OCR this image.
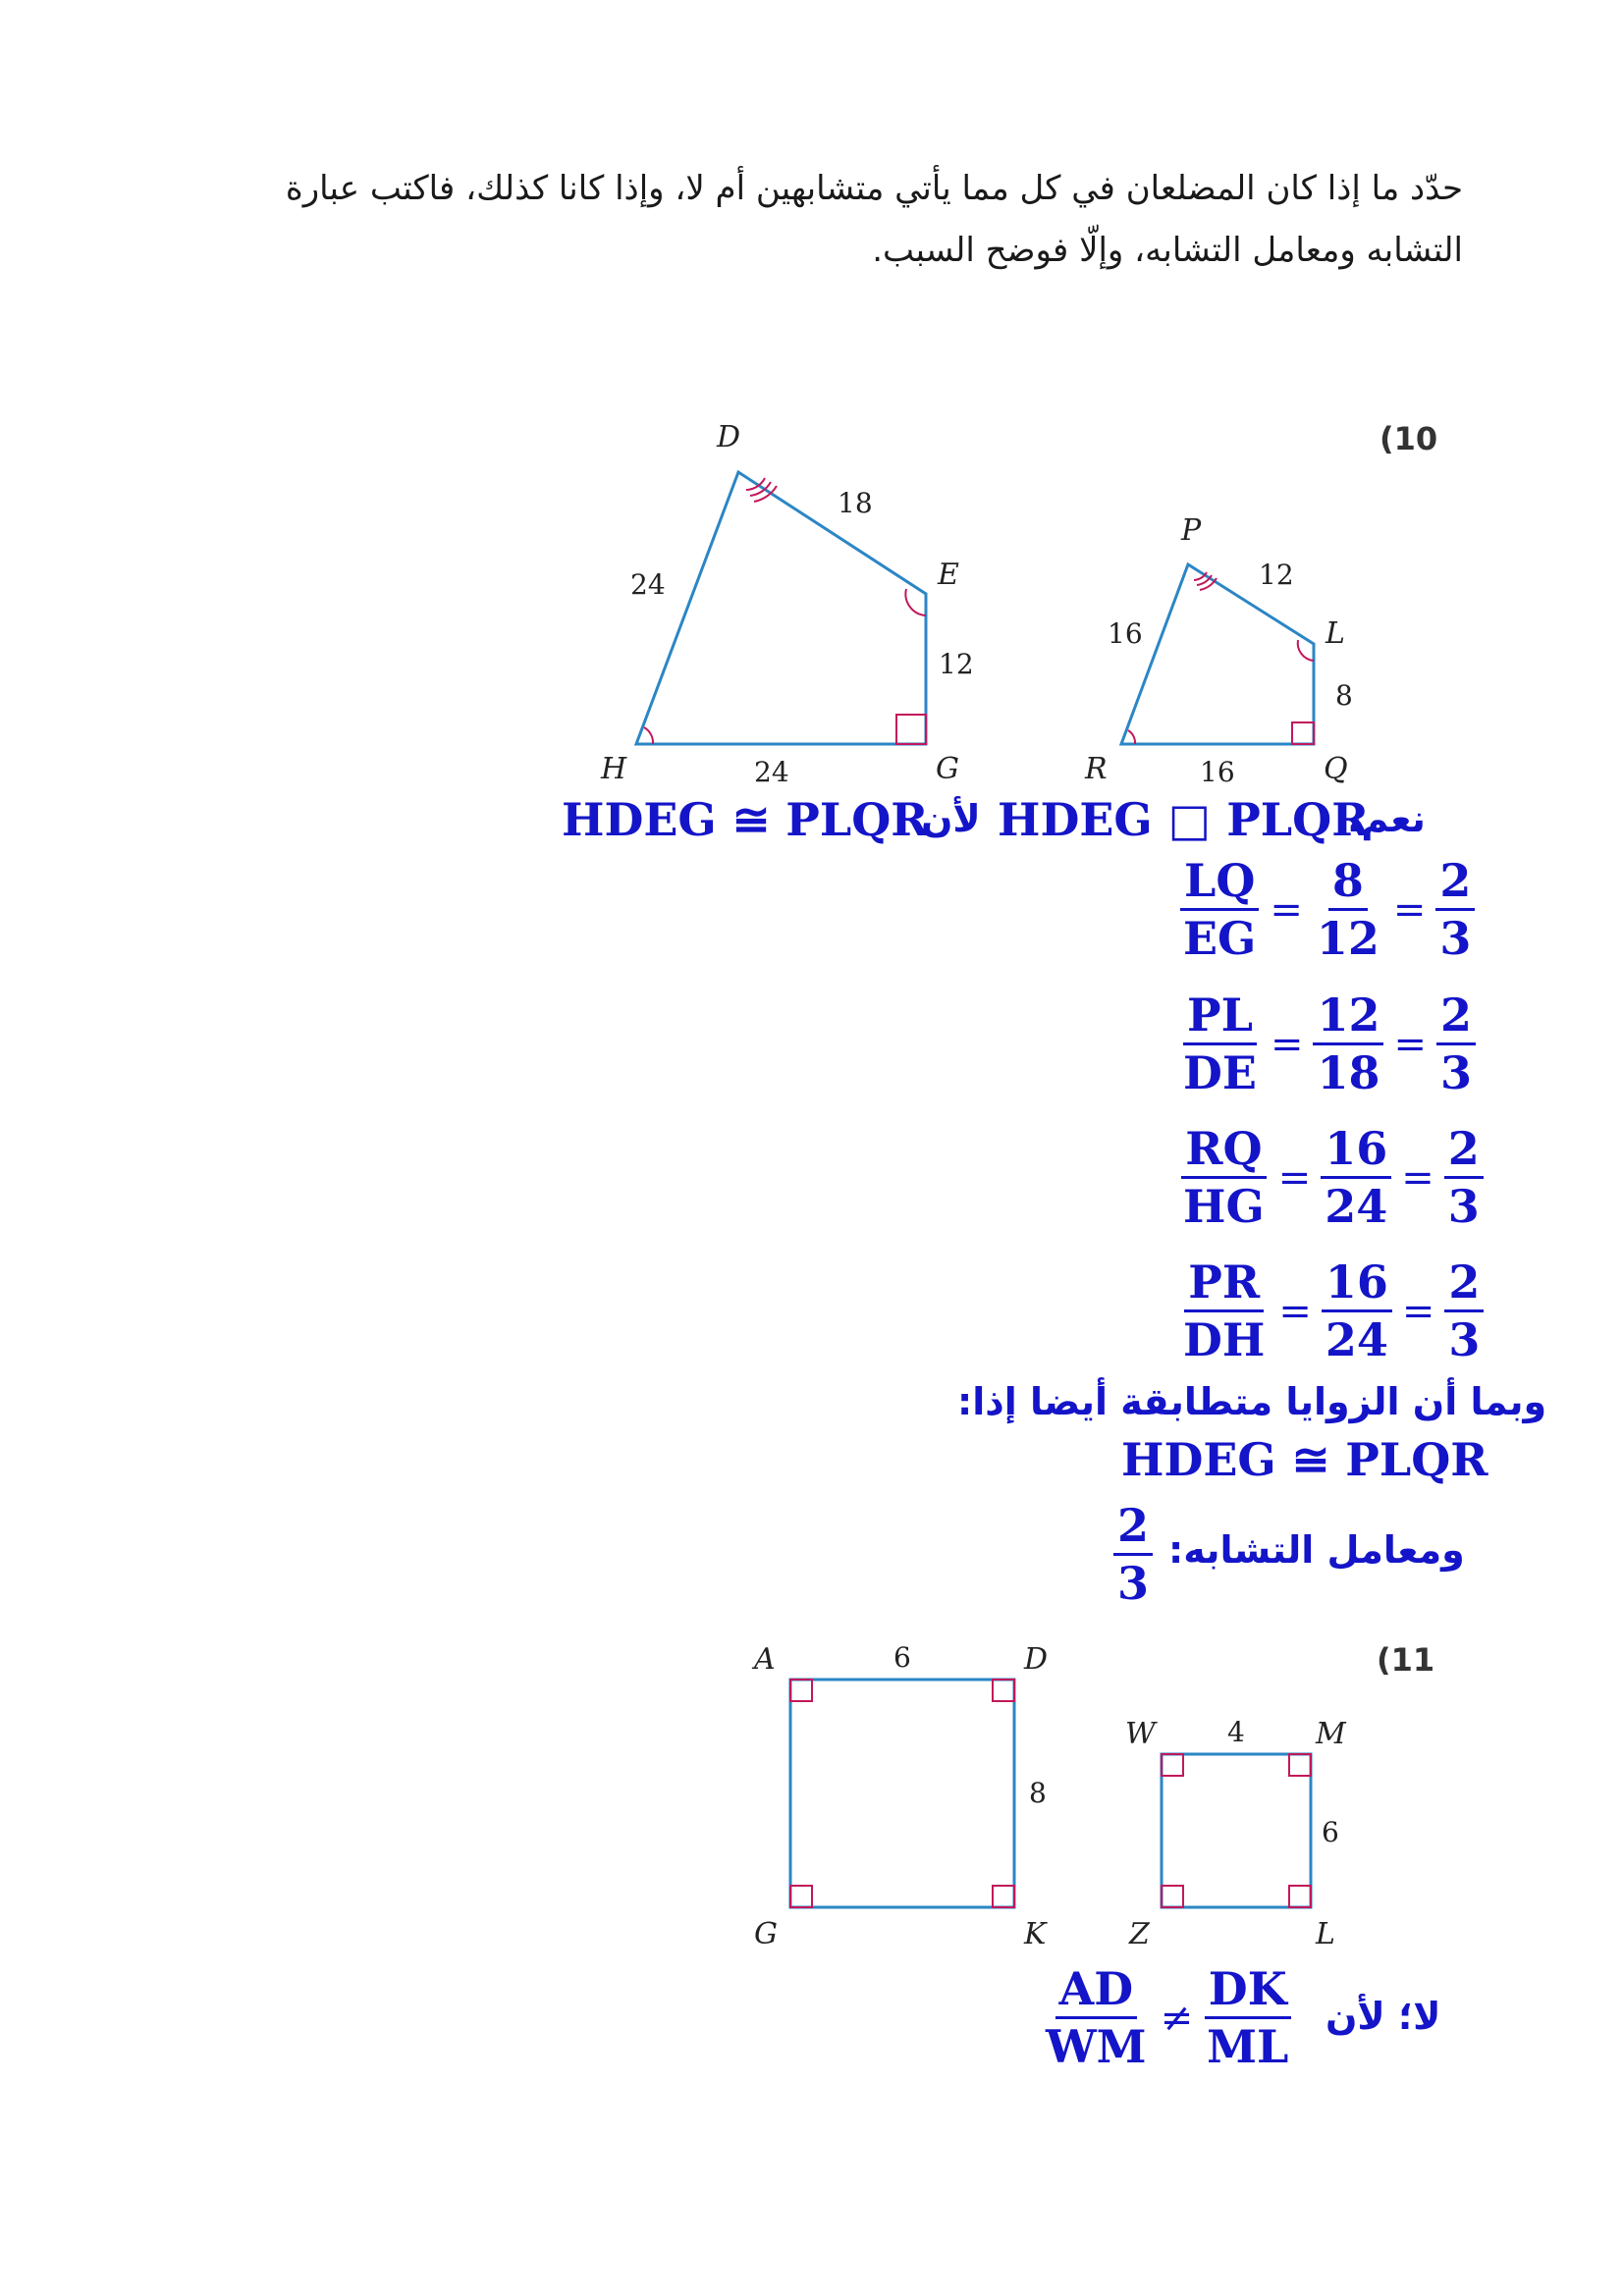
حدّد ما إذا كان المضلعان في كل مما يأتي متشابهين أم لا، وإذا كانا كذلك، فاكتب عبارة
التشابه ومعامل التشابه، وإلّا فوضح السبب.
(10
D
E
G
H
18
24
12
24
P
L
Q
R
12
16
8
16
نعم،
HDEG □ PLQR
لأن
HDEG ≅ PLQR
$\frac{LQ}{EG} = \frac{8}{12} = \frac{2}{3}$
$\frac{PL}{DE} = \frac{12}{18} = \frac{2}{3}$
$\frac{RQ}{HG} = \frac{16}{24} = \frac{2}{3}$
$\frac{PR}{DH} = \frac{16}{24} = \frac{2}{3}$
وبما أن الزوايا متطابقة أيضا إذا:
HDEG ≅ PLQR
ومعامل التشابه:
2
3
(11
A	D
K
G
6
8
W	M
L
Z
4
6
لا؛ لأن
AD
WM
≠
DK
ML
